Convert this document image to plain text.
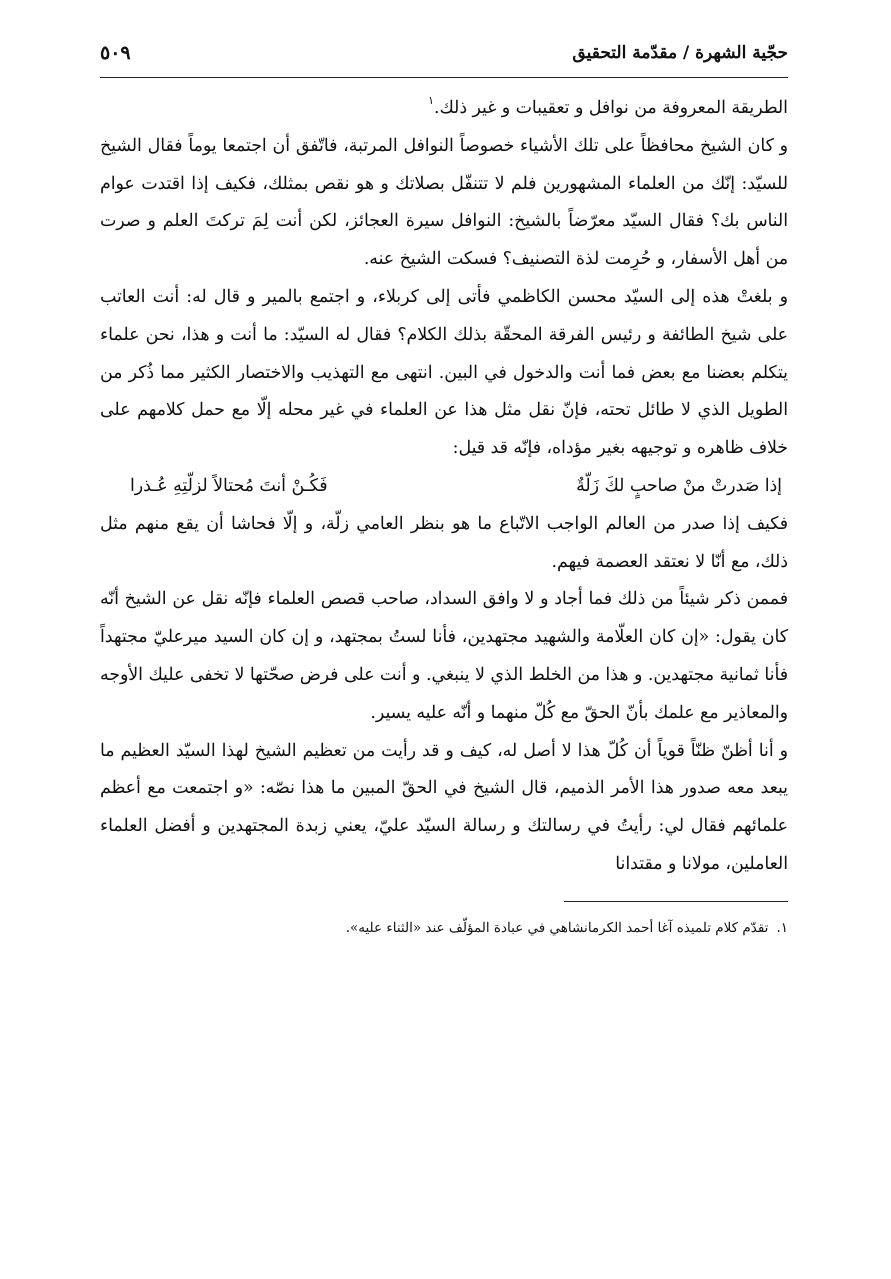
حجّية الشهرة / مقدّمة التحقيق
٥٠٩

الطريقة المعروفة من نوافل و تعقيبات و غير ذلك.$^١$

و كان الشيخ محافظاً على تلك الأشياء خصوصاً النوافل المرتبة، فاتّفق أن اجتمعا يوماً فقال الشيخ للسيّد: إنّك من العلماء المشهورين فلم لا تتنفّل بصلاتك و هو نقص بمثلك، فكيف إذا اقتدت عوام الناس بك؟ فقال السيّد معرّضاً بالشيخ: النوافل سيرة العجائز، لكن أنت لِمَ تركتَ العلم و صرت من أهل الأسفار، و حُرِمت لذة التصنيف؟ فسكت الشيخ عنه.

و بلغتْ هذه إلى السيّد محسن الكاظمي فأتى إلى كربلاء، و اجتمع بالمير و قال له: أنت العاتب على شيخ الطائفة و رئيس الفرقة المحقّة بذلك الكلام؟ فقال له السيّد: ما أنت و هذا، نحن علماء يتكلم بعضنا مع بعض فما أنت والدخول في البين. انتهى مع التهذيب والاختصار الكثير مما ذُكر من الطويل الذي لا طائل تحته، فإنّ نقل مثل هذا عن العلماء في غير محله إلّا مع حمل كلامهم على خلاف ظاهره و توجيهه بغير مؤداه، فإنّه قد قيل:

إذا صَدرتْ منْ صاحبٍ لكَ زَلّةٌ
فَكُـنْ أنتَ مُحتالاً لزلّتِهِ عُـذرا

فكيف إذا صدر من العالم الواجب الاتّباع ما هو بنظر العامي زلّة، و إلّا فحاشا أن يقع منهم مثل ذلك، مع أنّا لا نعتقد العصمة فيهم.

فممن ذكر شيئاً من ذلك فما أجاد و لا وافق السداد، صاحب قصص العلماء فإنّه نقل عن الشيخ أنّه كان يقول: «إن كان العلّامة والشهيد مجتهدين، فأنا لستُ بمجتهد، و إن كان السيد ميرعليّ مجتهداً فأنا ثمانية مجتهدين. و هذا من الخلط الذي لا ينبغي. و أنت على فرض صحّتها لا تخفى عليك الأوجه والمعاذير مع علمك بأنّ الحقّ مع كُلّ منهما و أنّه عليه يسير.

و أنا أظنّ ظنّاً قوياً أن كُلّ هذا لا أصل له، كيف و قد رأيت من تعظيم الشيخ لهذا السيّد العظيم ما يبعد معه صدور هذا الأمر الذميم، قال الشيخ في الحقّ المبين ما هذا نصّه: «و اجتمعت مع أعظم علمائهم فقال لي: رأيتُ في رسالتك و رسالة السيّد عليّ، يعني زبدة المجتهدين و أفضل العلماء العاملين، مولانا و مقتدانا

١.تقدّم كلام تلميذه آغا أحمد الكرمانشاهي في عبادة المؤلّف عند «الثناء عليه».
